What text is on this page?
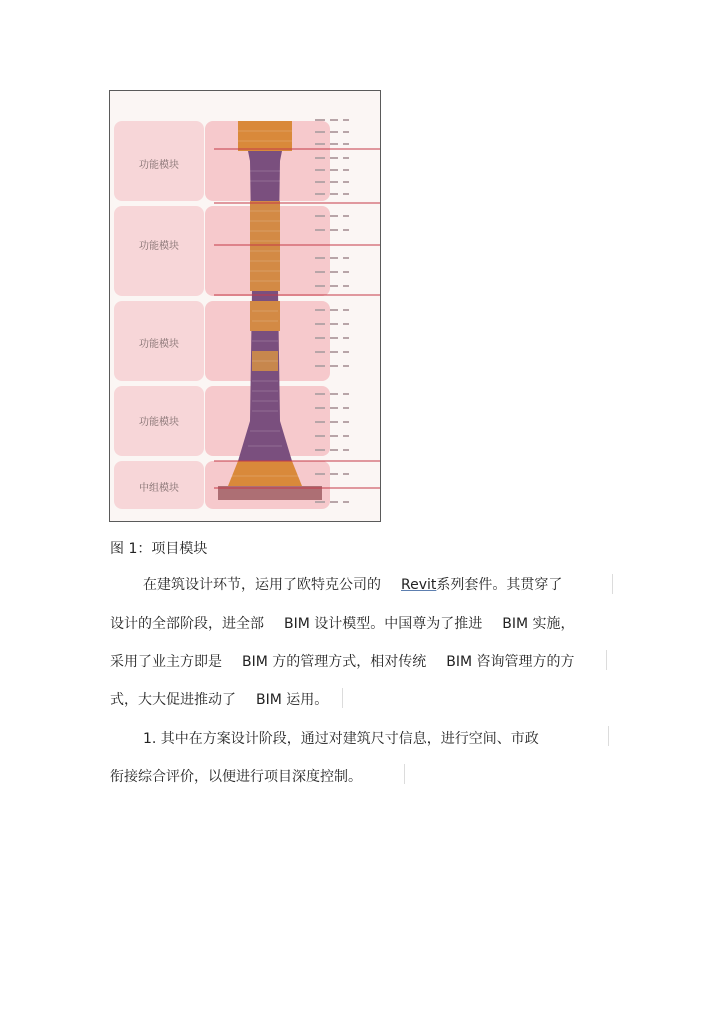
功能模块
功能模块
功能模块
功能模块
中组模块
图 1：项目模块
在建筑设计环节，运用了欧特克公司的 Revit系列套件。其贯穿了
设计的全部阶段，进全部 BIM 设计模型。中国尊为了推进 BIM 实施，
采用了业主方即是 BIM 方的管理方式，相对传统 BIM 咨询管理方的方
式，大大促进推动了 BIM 运用。
1. 其中在方案设计阶段，通过对建筑尺寸信息，进行空间、市政
衔接综合评价，以便进行项目深度控制。
